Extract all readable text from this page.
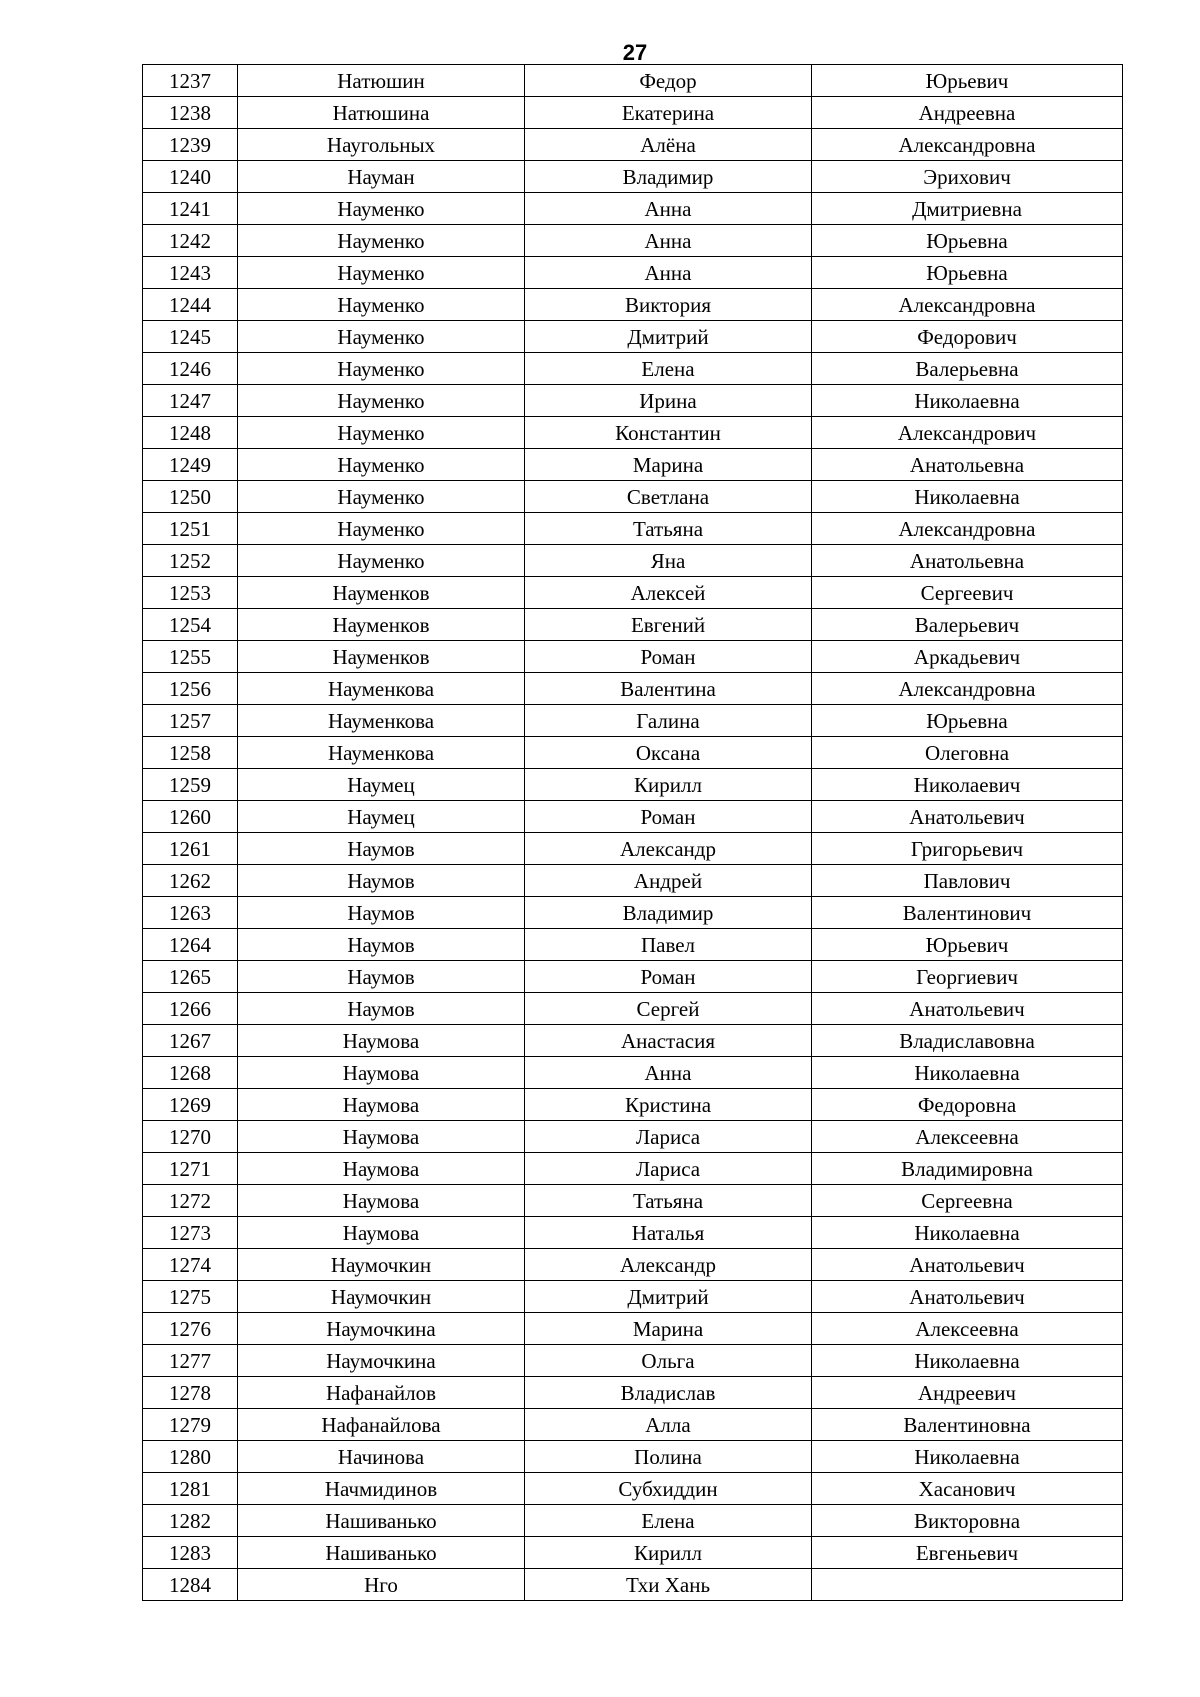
27
1237	Натюшин	Федор	Юрьевич
1238	Натюшина	Екатерина	Андреевна
1239	Наугольных	Алёна	Александровна
1240	Науман	Владимир	Эрихович
1241	Науменко	Анна	Дмитриевна
1242	Науменко	Анна	Юрьевна
1243	Науменко	Анна	Юрьевна
1244	Науменко	Виктория	Александровна
1245	Науменко	Дмитрий	Федорович
1246	Науменко	Елена	Валерьевна
1247	Науменко	Ирина	Николаевна
1248	Науменко	Константин	Александрович
1249	Науменко	Марина	Анатольевна
1250	Науменко	Светлана	Николаевна
1251	Науменко	Татьяна	Александровна
1252	Науменко	Яна	Анатольевна
1253	Науменков	Алексей	Сергеевич
1254	Науменков	Евгений	Валерьевич
1255	Науменков	Роман	Аркадьевич
1256	Науменкова	Валентина	Александровна
1257	Науменкова	Галина	Юрьевна
1258	Науменкова	Оксана	Олеговна
1259	Наумец	Кирилл	Николаевич
1260	Наумец	Роман	Анатольевич
1261	Наумов	Александр	Григорьевич
1262	Наумов	Андрей	Павлович
1263	Наумов	Владимир	Валентинович
1264	Наумов	Павел	Юрьевич
1265	Наумов	Роман	Георгиевич
1266	Наумов	Сергей	Анатольевич
1267	Наумова	Анастасия	Владиславовна
1268	Наумова	Анна	Николаевна
1269	Наумова	Кристина	Федоровна
1270	Наумова	Лариса	Алексеевна
1271	Наумова	Лариса	Владимировна
1272	Наумова	Татьяна	Сергеевна
1273	Наумова	Наталья	Николаевна
1274	Наумочкин	Александр	Анатольевич
1275	Наумочкин	Дмитрий	Анатольевич
1276	Наумочкина	Марина	Алексеевна
1277	Наумочкина	Ольга	Николаевна
1278	Нафанайлов	Владислав	Андреевич
1279	Нафанайлова	Алла	Валентиновна
1280	Начинова	Полина	Николаевна
1281	Начмидинов	Субхиддин	Хасанович
1282	Нашиванько	Елена	Викторовна
1283	Нашиванько	Кирилл	Евгеньевич
1284	Нго	Тхи Хань	
